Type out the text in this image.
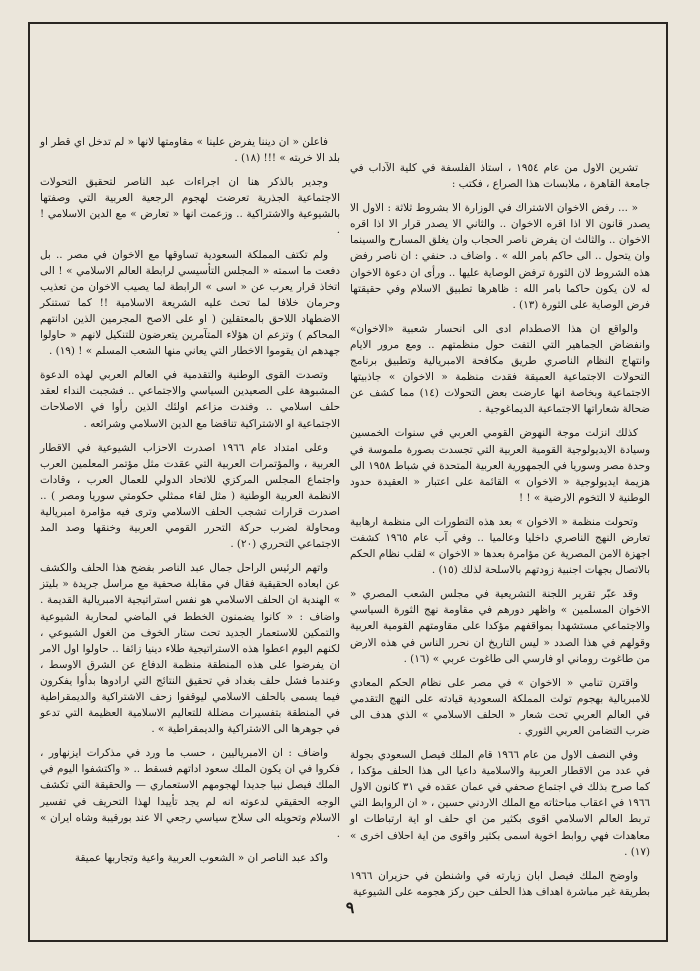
تشرين الاول من عام ١٩٥٤ ، استاذ الفلسفة في كلية الآداب في جامعة القاهرة ، ملابسات هذا الصراع ، فكتب :

« ... رفض الاخوان الاشتراك في الوزارة الا بشروط ثلاثة : الاول الا يصدر قانون الا اذا اقره الاخوان .. والثاني الا يصدر قرار الا اذا اقره الاخوان .. والثالث ان يفرض ناصر الحجاب وان يغلق المسارح والسينما وان يتحول .. الى حاكم بامر الله » . واضاف د. حنفي : ان ناصر رفض هذه الشروط لان الثورة ترفض الوصاية عليها .. ورأى ان دعوة الاخوان له لان يكون حاكما بامر الله : ظاهرها تطبيق الاسلام وفي حقيقتها فرض الوصاية على الثورة (١٣) .

والواقع ان هذا الاصطدام ادى الى انحسار شعبية «الاخوان» وانفضاض الجماهير التي التفت حول منظمتهم .. ومع مرور الايام وانتهاج النظام الناصري طريق مكافحة الامبريالية وتطبيق برنامج التحولات الاجتماعية العميقة فقدت منظمة « الاخوان » جاذبيتها الاجتماعية وبخاصة انها عارضت بعض التحولات (١٤) مما كشف عن ضحالة شعاراتها الاجتماعية الديماغوجية .

كذلك انزلت موجة النهوض القومي العربي في سنوات الخمسين وسيادة الايديولوجية القومية العربية التي تجسدت بصورة ملموسة في وحدة مصر وسوريا في الجمهورية العربية المتحدة في شباط ١٩٥٨ الى هزيمة ايديولوجية « الاخوان » القائمة على اعتبار « العقيدة حدود الوطنية لا التخوم الارضية » ! !

وتحولت منظمة « الاخوان » بعد هذه التطورات الى منظمة ارهابية تعارض النهج الناصري داخليا وعالميا .. وفي آب عام ١٩٦٥ كشفت اجهزة الامن المصرية عن مؤامرة بعدها « الاخوان » لقلب نظام الحكم بالاتصال بجهات اجنبية زودتهم بالاسلحة لذلك (١٥) .

وقد عبّر تقرير اللجنة التشريعية في مجلس الشعب المصري « الاخوان المسلمين » واظهر دورهم في مقاومة نهج الثورة السياسي والاجتماعي مستشهدا بمواقفهم مؤكدا على مقاومتهم القومية العربية وقولهم في هذا الصدد « ليس التاريخ ان نحرر الناس في هذه الارض من طاغوت روماني او فارسي الى طاغوت عربي » (١٦) .

واقترن تنامي « الاخوان » في مصر على نظام الحكم المعادي للامبريالية بهجوم تولت المملكة السعودية قيادته على النهج التقدمي في العالم العربي تحت شعار « الحلف الاسلامي » الذي هدف الى ضرب التضامن العربي الثوري .

وفي النصف الاول من عام ١٩٦٦ قام الملك فيصل السعودي بجولة في عدد من الاقطار العربية والاسلامية داعيا الى هذا الحلف مؤكدا ، كما صرح بذلك في اجتماع صحفي في عمان عقده في ٣١ كانون الاول ١٩٦٦ في اعقاب مباحثاته مع الملك الاردني حسين ، « ان الروابط التي تربط العالم الاسلامي اقوى بكثير من اي حلف او اية ارتباطات او معاهدات فهي روابط اخوية اسمى بكثير واقوى من اية احلاف اخرى » (١٧) .

واوضح الملك فيصل ابان زيارته في واشنطن في حزيران ١٩٦٦ بطريقة غير مباشرة اهداف هذا الحلف حين ركز هجومه على الشيوعية

فاعلن « ان ديننا يفرض علينا » مقاومتها لانها « لم تدخل اي قطر او بلد الا خربته » !!! (١٨) .

وجدير بالذكر هنا ان اجراءات عبد الناصر لتحقيق التحولات الاجتماعية الجذرية تعرضت لهجوم الرجعية العربية التي وصفتها بالشيوعية والاشتراكية .. وزعمت انها « تعارض » مع الدين الاسلامي ! .

ولم تكتف المملكة السعودية تساوقها مع الاخوان في مصر .. بل دفعت ما اسمته « المجلس التأسيسي لرابطة العالم الاسلامي » ! الى اتخاذ قرار يعرب عن « اسى » الرابطة لما يصيب الاخوان من تعذيب وحرمان خلافا لما تحث عليه الشريعة الاسلامية !! كما تستنكر الاضطهاد اللاحق بالمعتقلين ( او على الاصح المجرمين الذين ادانتهم المحاكم ) وتزعم ان هؤلاء المتآمرين يتعرضون للتنكيل لانهم « حاولوا جهدهم ان يقوموا الاخطار التي يعاني منها الشعب المسلم » ! (١٩) .

وتصدت القوى الوطنية والتقدمية في العالم العربي لهذه الدعوة المشبوهة على الصعيدين السياسي والاجتماعي .. فشجبت النداء لعقد حلف اسلامي .. وفندت مزاعم اولئك الذين رأوا في الاصلاحات الاجتماعية او الاشتراكية تناقضا مع الدين الاسلامي وشرائعه .

وعلى امتداد عام ١٩٦٦ اصدرت الاحزاب الشيوعية في الاقطار العربية ، والمؤتمرات العربية التي عقدت مثل مؤتمر المعلمين العرب واجتماع المجلس المركزي للاتحاد الدولي للعمال العرب ، وقادات الانظمة العربية الوطنية ( مثل لقاء ممثلي حكومتي سوريا ومصر ) .. اصدرت قرارات تشجب الحلف الاسلامي وترى فيه مؤامرة امبريالية ومحاولة لضرب حركة التحرر القومي العربية وخنقها وصد المد الاجتماعي التحرري (٢٠) .

واتهم الرئيس الراحل جمال عبد الناصر بفضح هذا الحلف والكشف عن ابعاده الحقيقية فقال في مقابلة صحفية مع مراسل جريدة « بليتز » الهندية ان الحلف الاسلامي هو نفس استراتيجية الامبريالية القديمة . واضاف : « كانوا يضمنون الخطط في الماضي لمحاربة الشيوعية والتمكين للاستعمار الجديد تحت ستار الخوف من الغول الشيوعي ، لكنهم اليوم اعطوا هذه الاستراتيجية طلاء دينيا زائفا .. حاولوا اول الامر ان يفرضوا على هذه المنطقة منظمة الدفاع عن الشرق الاوسط ، وعندما فشل حلف بغداد في تحقيق النتائج التي ارادوها بدأوا يفكرون فيما يسمى بالحلف الاسلامي ليوقفوا زحف الاشتراكية والديمقراطية في المنطقة بتفسيرات مضللة للتعاليم الاسلامية العظيمة التي تدعو في جوهرها الى الاشتراكية والديمقراطية » .

واضاف : ان الامبرياليين ، حسب ما ورد في مذكرات ايزنهاور ، فكروا في ان يكون الملك سعود اداتهم فسقط .. « واكتشفوا اليوم في الملك فيصل نبيا جديدا لهجومهم الاستعماري — والحقيقة التي تكشف الوجه الحقيقي لدعوته انه لم يجد تأييدا لهذا التحريف في تفسير الاسلام وتحويله الى سلاح سياسي رجعي الا عند بورقيبة وشاه ايران » .

واكد عبد الناصر ان « الشعوب العربية واعية وتجاربها عميقة

٩
